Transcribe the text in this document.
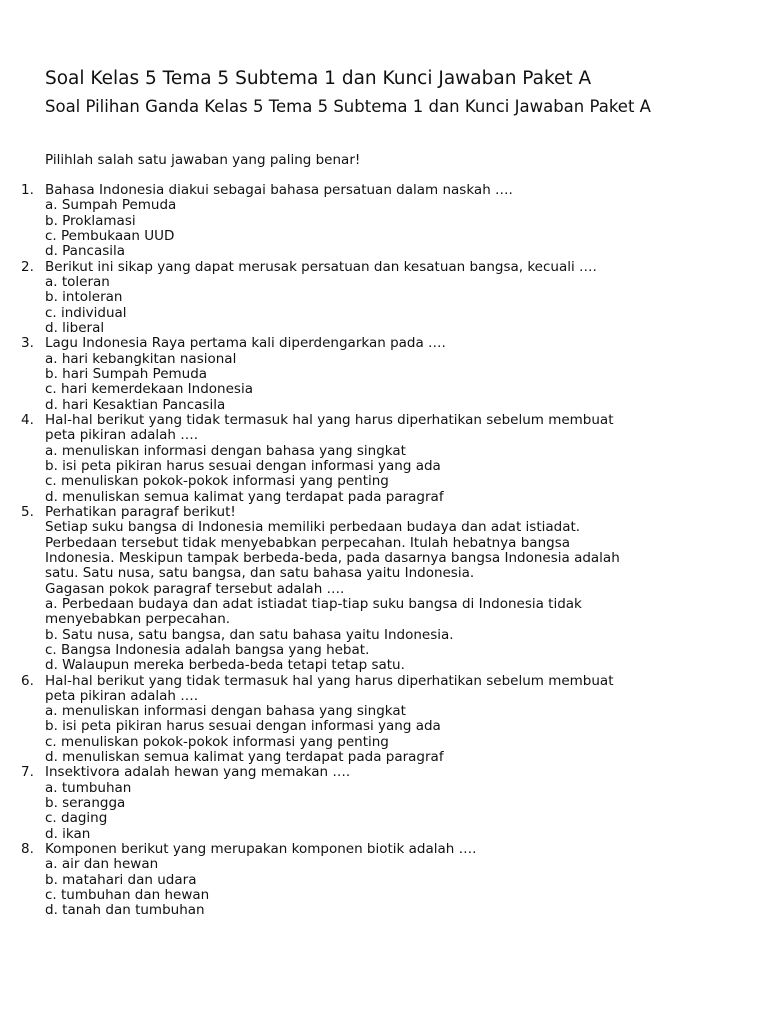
Soal Kelas 5 Tema 5 Subtema 1 dan Kunci Jawaban Paket A
Soal Pilihan Ganda Kelas 5 Tema 5 Subtema 1 dan Kunci Jawaban Paket A

Pilihlah salah satu jawaban yang paling benar!

1. Bahasa Indonesia diakui sebagai bahasa persatuan dalam naskah ….
a. Sumpah Pemuda
b. Proklamasi
c. Pembukaan UUD
d. Pancasila
2. Berikut ini sikap yang dapat merusak persatuan dan kesatuan bangsa, kecuali ….
a. toleran
b. intoleran
c. individual
d. liberal
3. Lagu Indonesia Raya pertama kali diperdengarkan pada ….
a. hari kebangkitan nasional
b. hari Sumpah Pemuda
c. hari kemerdekaan Indonesia
d. hari Kesaktian Pancasila
4. Hal-hal berikut yang tidak termasuk hal yang harus diperhatikan sebelum membuat
peta pikiran adalah ….
a. menuliskan informasi dengan bahasa yang singkat
b. isi peta pikiran harus sesuai dengan informasi yang ada
c. menuliskan pokok-pokok informasi yang penting
d. menuliskan semua kalimat yang terdapat pada paragraf
5. Perhatikan paragraf berikut!
Setiap suku bangsa di Indonesia memiliki perbedaan budaya dan adat istiadat.
Perbedaan tersebut tidak menyebabkan perpecahan. Itulah hebatnya bangsa
Indonesia. Meskipun tampak berbeda-beda, pada dasarnya bangsa Indonesia adalah
satu. Satu nusa, satu bangsa, dan satu bahasa yaitu Indonesia.
Gagasan pokok paragraf tersebut adalah ….
a. Perbedaan budaya dan adat istiadat tiap-tiap suku bangsa di Indonesia tidak
menyebabkan perpecahan.
b. Satu nusa, satu bangsa, dan satu bahasa yaitu Indonesia.
c. Bangsa Indonesia adalah bangsa yang hebat.
d. Walaupun mereka berbeda-beda tetapi tetap satu.
6. Hal-hal berikut yang tidak termasuk hal yang harus diperhatikan sebelum membuat
peta pikiran adalah ….
a. menuliskan informasi dengan bahasa yang singkat
b. isi peta pikiran harus sesuai dengan informasi yang ada
c. menuliskan pokok-pokok informasi yang penting
d. menuliskan semua kalimat yang terdapat pada paragraf
7. Insektivora adalah hewan yang memakan ….
a. tumbuhan
b. serangga
c. daging
d. ikan
8. Komponen berikut yang merupakan komponen biotik adalah ….
a. air dan hewan
b. matahari dan udara
c. tumbuhan dan hewan
d. tanah dan tumbuhan
